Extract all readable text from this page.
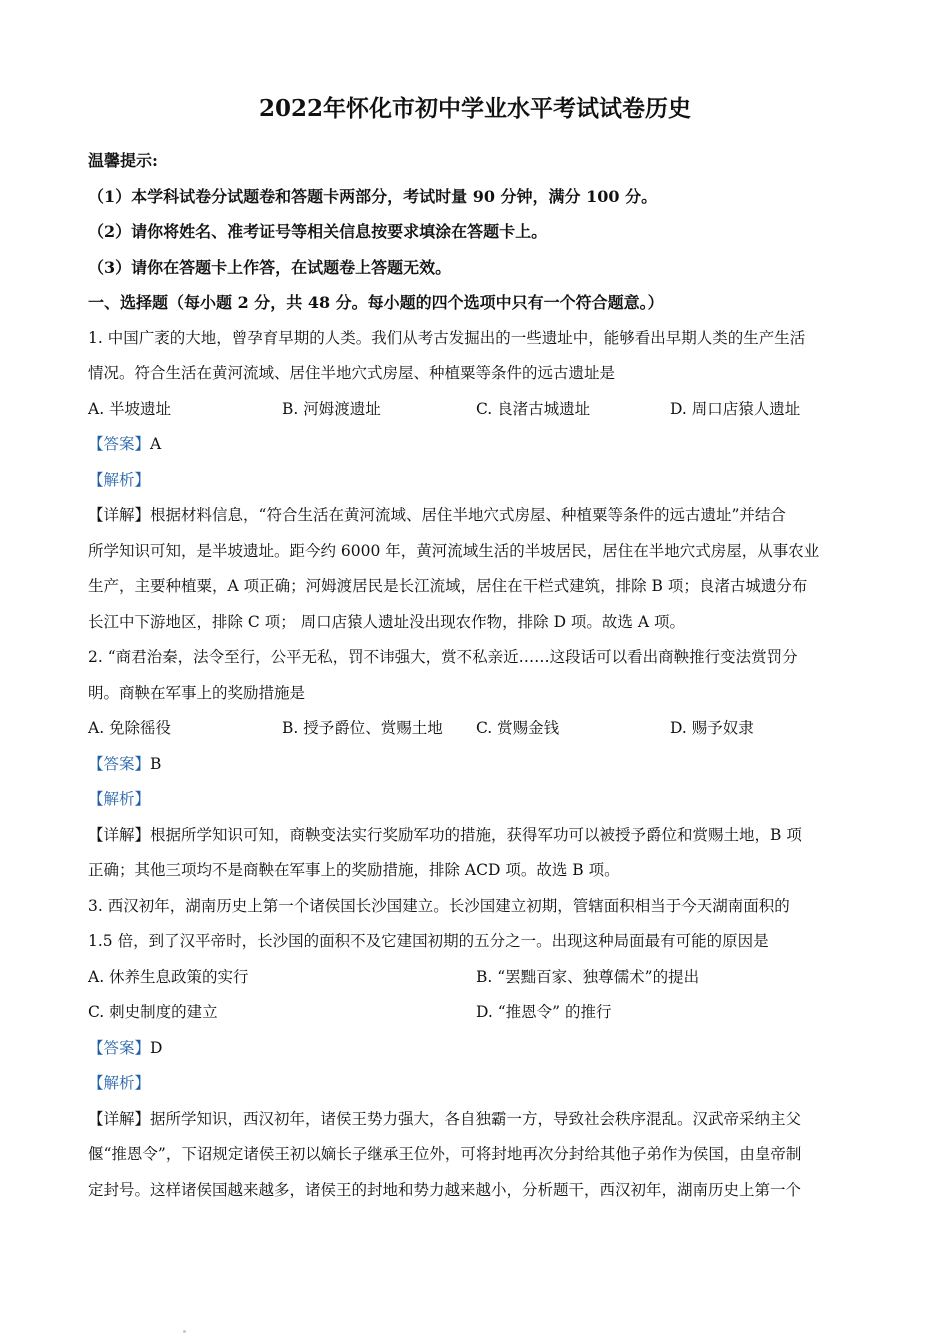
2022年怀化市初中学业水平考试试卷历史
温馨提示:
（1）本学科试卷分试题卷和答题卡两部分，考试时量 90 分钟，满分 100 分。
（2）请你将姓名、准考证号等相关信息按要求填涂在答题卡上。
（3）请你在答题卡上作答，在试题卷上答题无效。
一、选择题（每小题 2 分，共 48 分。每小题的四个选项中只有一个符合题意。）
1. 中国广袤的大地，曾孕育早期的人类。我们从考古发掘出的一些遗址中，能够看出早期人类的生产生活
情况。符合生活在黄河流域、居住半地穴式房屋、种植粟等条件的远古遗址是
A. 半坡遗址	B. 河姆渡遗址	C. 良渚古城遗址	D. 周口店猿人遗址
【答案】A
【解析】
【详解】根据材料信息，“符合生活在黄河流域、居住半地穴式房屋、种植粟等条件的远古遗址”并结合
所学知识可知，是半坡遗址。距今约 6000 年，黄河流域生活的半坡居民，居住在半地穴式房屋，从事农业
生产，主要种植粟，A 项正确；河姆渡居民是长江流域，居住在干栏式建筑，排除 B 项；良渚古城遗分布
长江中下游地区，排除 C 项； 周口店猿人遗址没出现农作物，排除 D 项。故选 A 项。
2. “商君治秦，法令至行，公平无私，罚不讳强大，赏不私亲近……这段话可以看出商鞅推行变法赏罚分
明。商鞅在军事上的奖励措施是
A. 免除徭役	B. 授予爵位、赏赐土地	C. 赏赐金钱	D. 赐予奴隶
【答案】B
【解析】
【详解】根据所学知识可知，商鞅变法实行奖励军功的措施，获得军功可以被授予爵位和赏赐土地，B 项
正确；其他三项均不是商鞅在军事上的奖励措施，排除 ACD 项。故选 B 项。
3. 西汉初年，湖南历史上第一个诸侯国长沙国建立。长沙国建立初期，管辖面积相当于今天湖南面积的
1.5 倍，到了汉平帝时，长沙国的面积不及它建国初期的五分之一。出现这种局面最有可能的原因是
A. 休养生息政策的实行	B. “罢黜百家、独尊儒术”的提出
C. 刺史制度的建立	D. “推恩令” 的推行
【答案】D
【解析】
【详解】据所学知识，西汉初年，诸侯王势力强大，各自独霸一方，导致社会秩序混乱。汉武帝采纳主父
偃“推恩令”，下诏规定诸侯王初以嫡长子继承王位外，可将封地再次分封给其他子弟作为侯国，由皇帝制
定封号。这样诸侯国越来越多，诸侯王的封地和势力越来越小，分析题干，西汉初年，湖南历史上第一个
